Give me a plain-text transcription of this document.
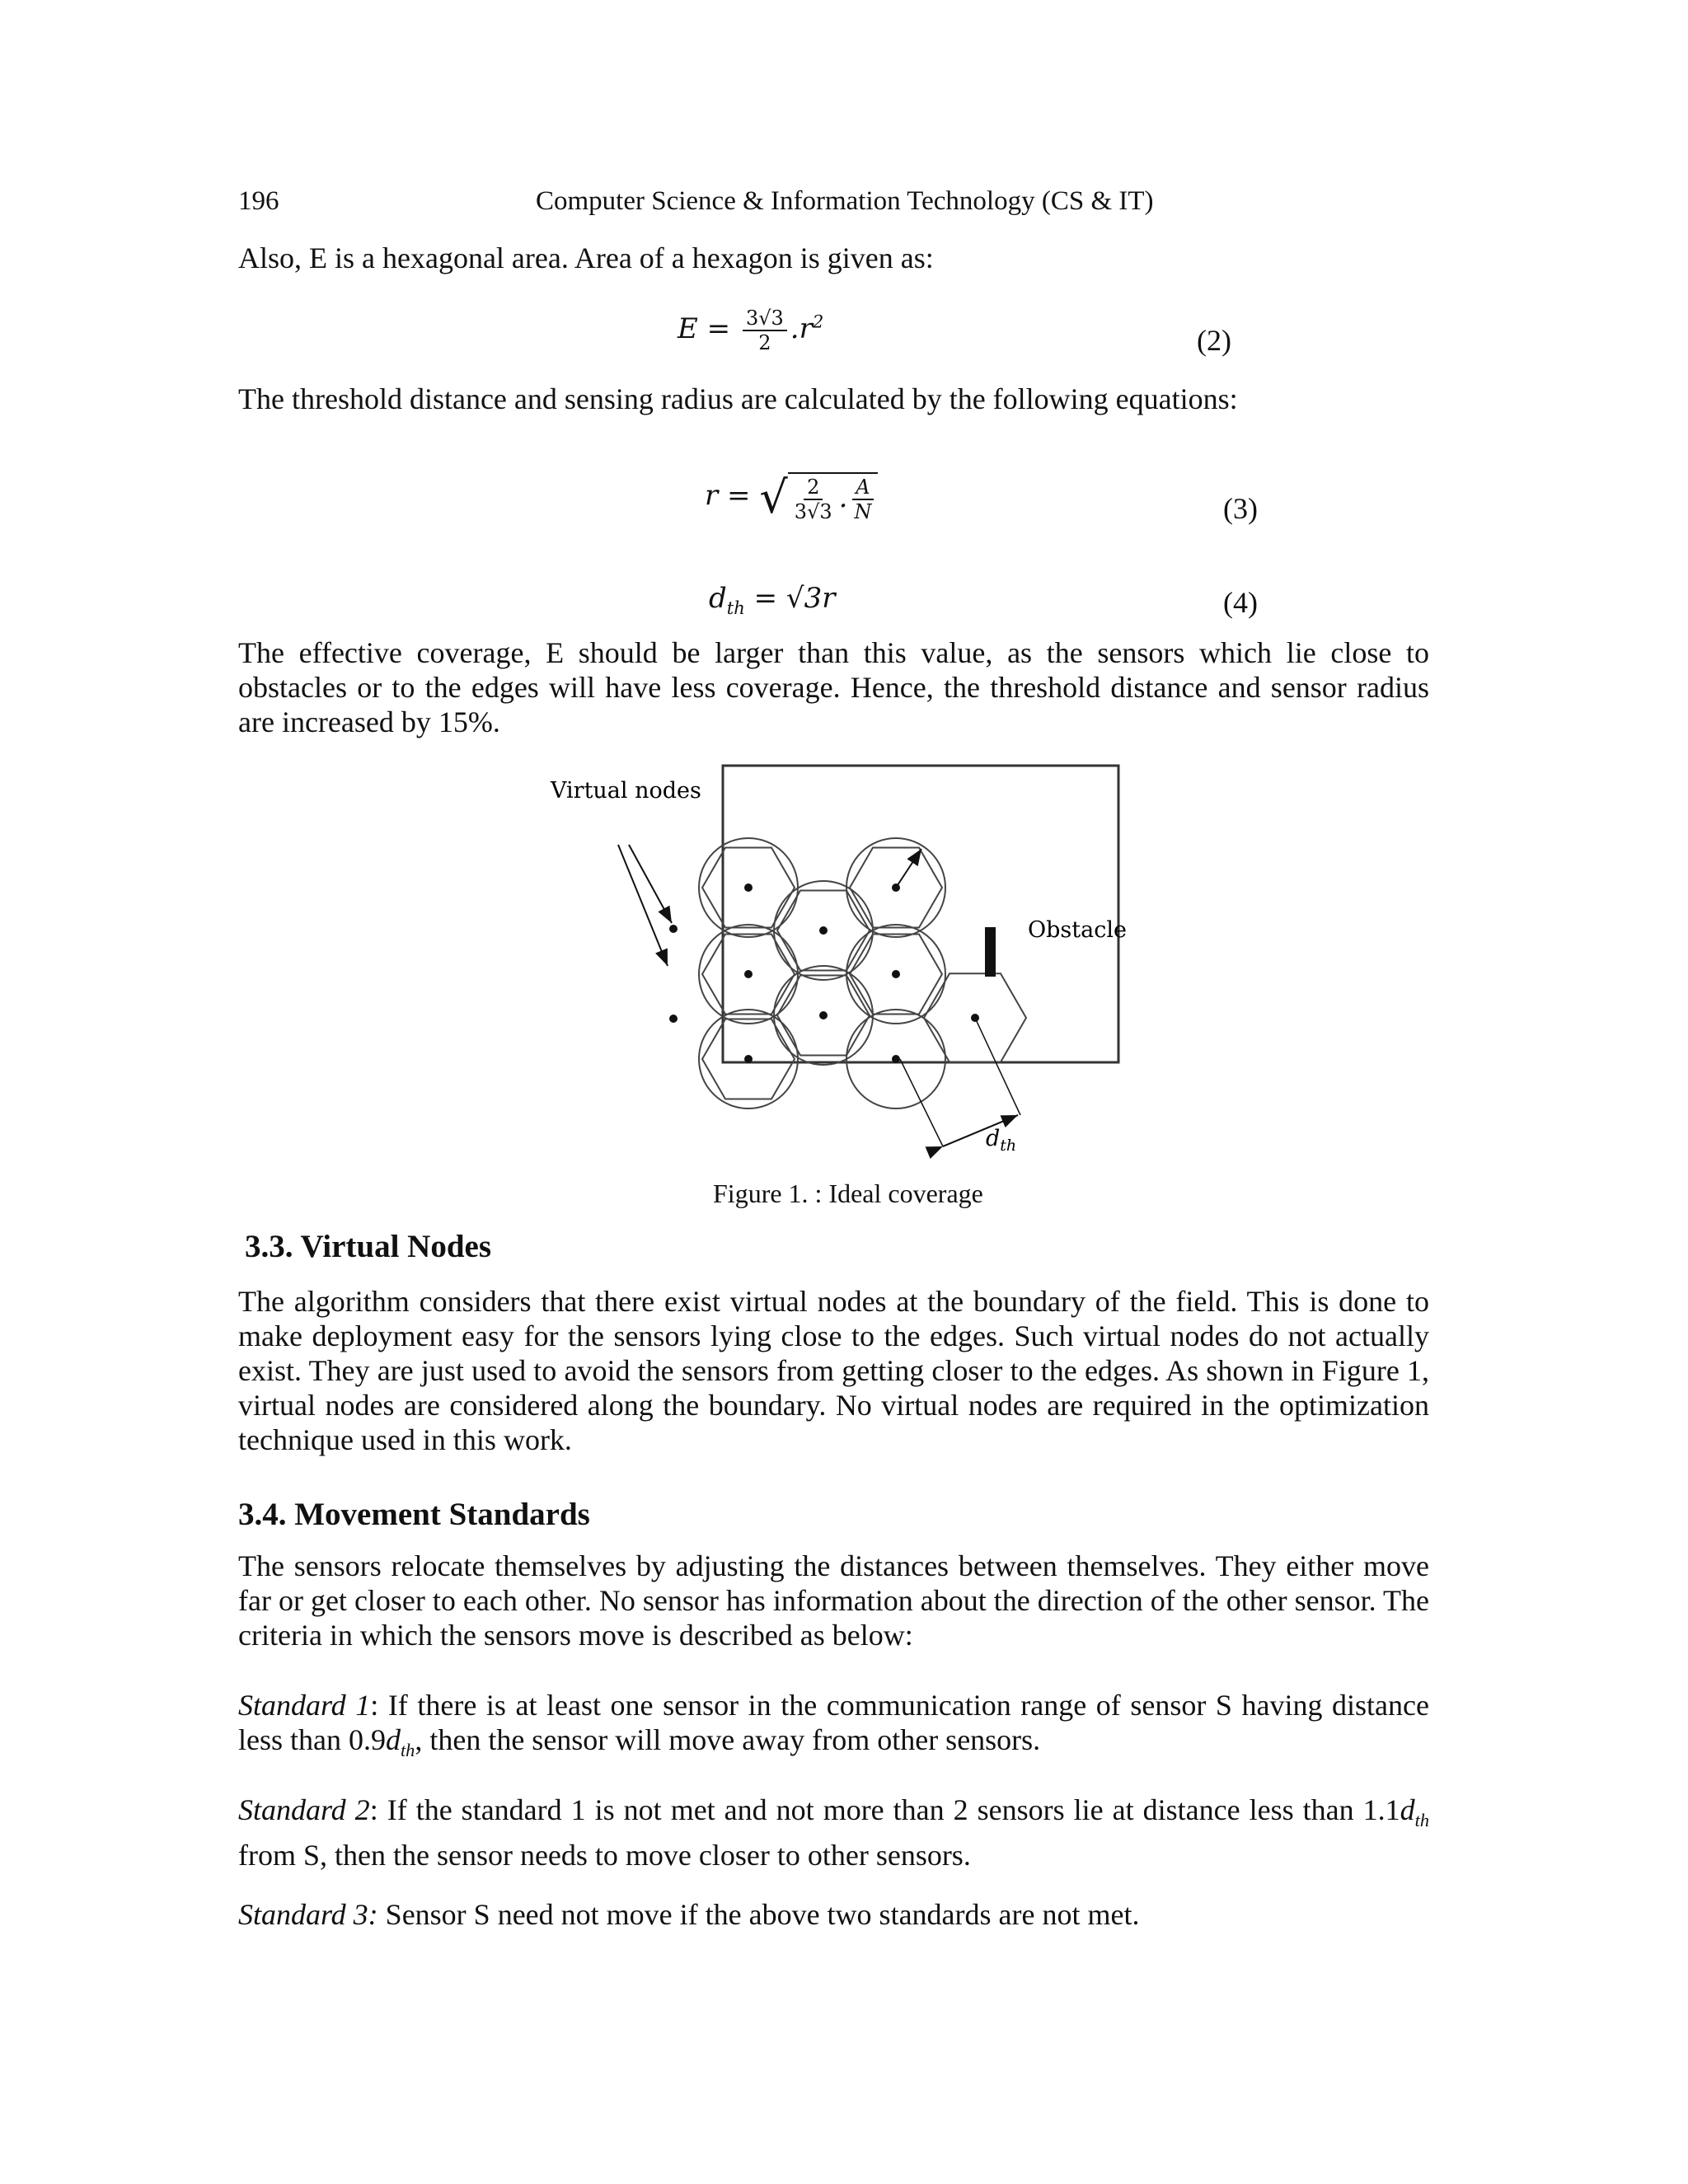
196	Computer Science & Information Technology (CS & IT)
Also, E is a hexagonal area. Area of a hexagon is given as:
$E = \frac{3√3}{2} .r^2$
(2)
The threshold distance and sensing radius are calculated by the following equations:
r = √ $\frac{2}{3√3}$ . $\frac{A}{N}$	(3)
$d_{th} = √3r$	(4)
The effective coverage, E should be larger than this value, as the sensors which lie close to obstacles or to the edges will have less coverage. Hence, the threshold distance and sensor radius are increased by 15%.
Virtual nodes
Obstacle
$d_{th}$
Figure 1. : Ideal coverage
3.3. Virtual Nodes
The algorithm considers that there exist virtual nodes at the boundary of the field. This is done to make deployment easy for the sensors lying close to the edges. Such virtual nodes do not actually exist. They are just used to avoid the sensors from getting closer to the edges. As shown in Figure 1, virtual nodes are considered along the boundary. No virtual nodes are required in the optimization technique used in this work.
3.4. Movement Standards
The sensors relocate themselves by adjusting the distances between themselves. They either move far or get closer to each other. No sensor has information about the direction of the other sensor. The criteria in which the sensors move is described as below:
Standard 1: If there is at least one sensor in the communication range of sensor S having distance less than $0.9d_{th}$, then the sensor will move away from other sensors.
Standard 2: If the standard 1 is not met and not more than 2 sensors lie at distance less than $1.1d_{th}$ from S, then the sensor needs to move closer to other sensors.
Standard 3: Sensor S need not move if the above two standards are not met.
